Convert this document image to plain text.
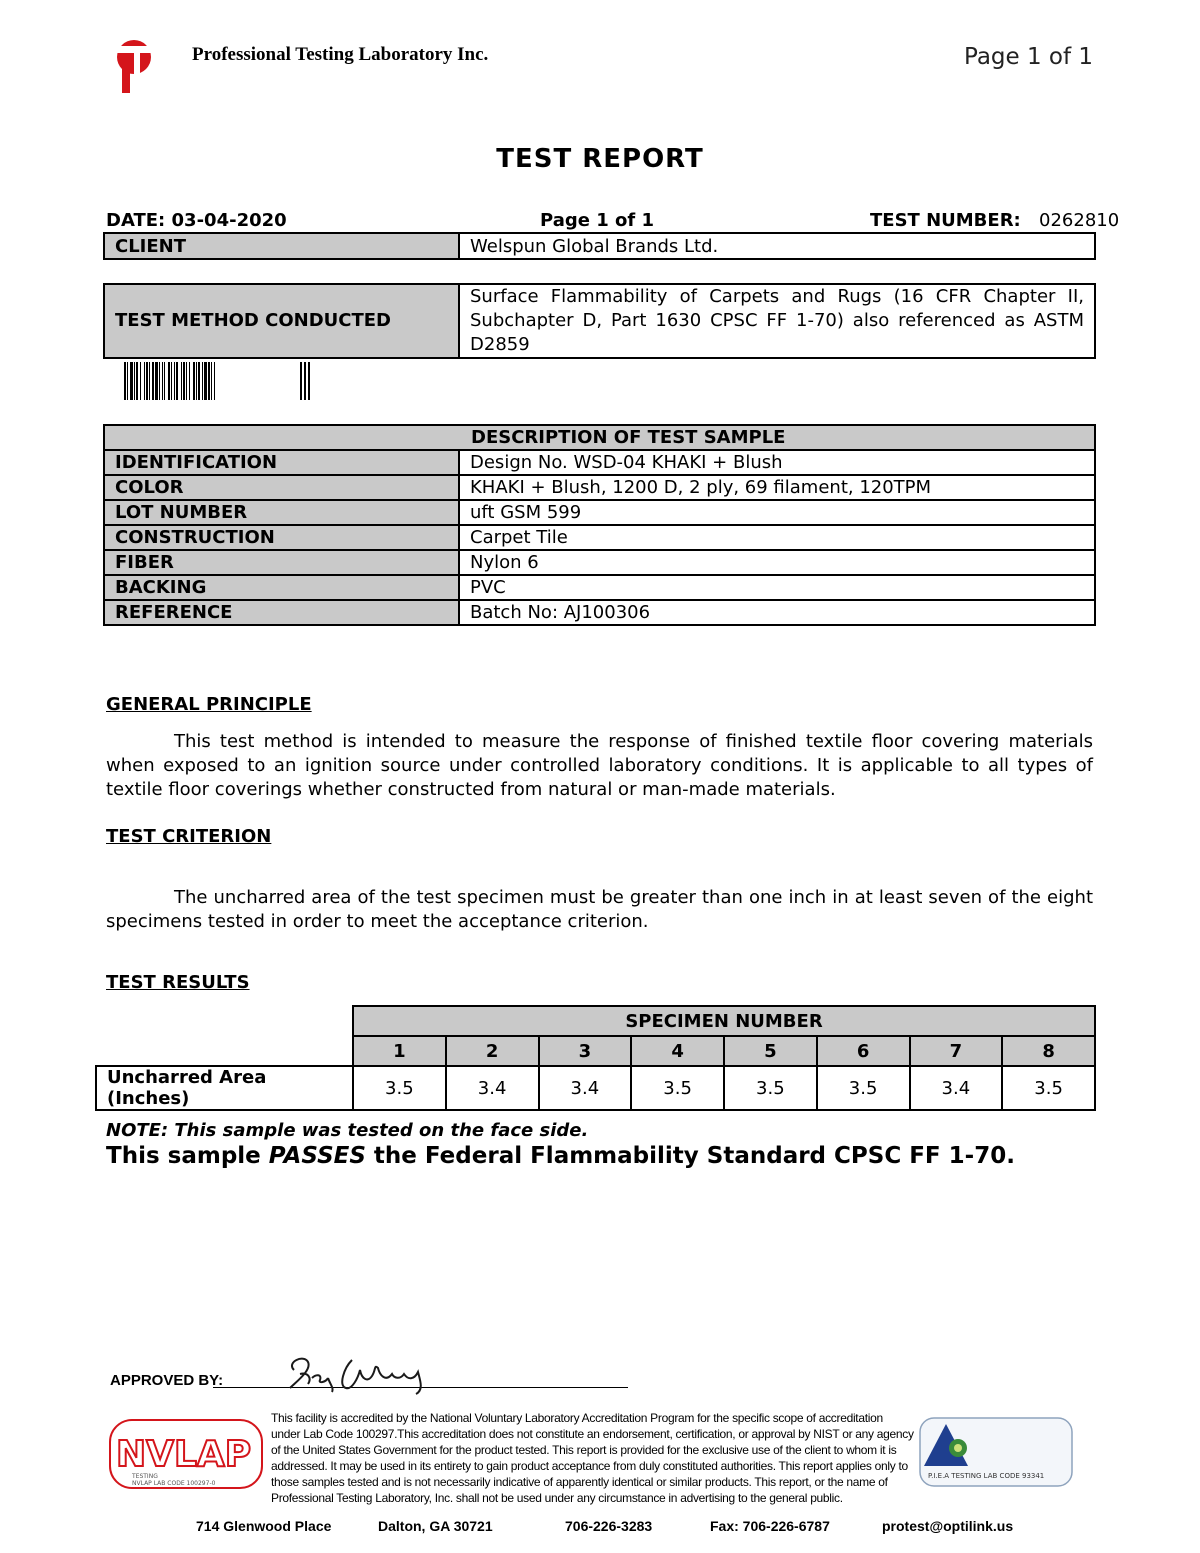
Professional Testing Laboratory Inc.	Page 1 of 1
TEST REPORT
DATE: 03-04-2020	Page 1 of 1	TEST NUMBER: 0262810
CLIENT	Welspun Global Brands Ltd.
TEST METHOD CONDUCTED	Surface Flammability of Carpets and Rugs (16 CFR Chapter II, Subchapter D, Part 1630 CPSC FF 1-70) also referenced as ASTM D2859
DESCRIPTION OF TEST SAMPLE	
IDENTIFICATION	Design No. WSD-04 KHAKI + Blush
COLOR	KHAKI + Blush, 1200 D, 2 ply, 69 filament, 120TPM
LOT NUMBER	uft GSM 599
CONSTRUCTION	Carpet Tile
FIBER	Nylon 6
BACKING	PVC
REFERENCE	Batch No: AJ100306
GENERAL PRINCIPLE
This test method is intended to measure the response of finished textile floor covering materials when exposed to an ignition source under controlled laboratory conditions. It is applicable to all types of textile floor coverings whether constructed from natural or man-made materials.
TEST CRITERION
The uncharred area of the test specimen must be greater than one inch in at least seven of the eight specimens tested in order to meet the acceptance criterion.
TEST RESULTS
	SPECIMEN NUMBER							
	1	2	3	4	5	6	7	8
Uncharred Area (Inches)	3.5	3.4	3.4	3.5	3.5	3.5	3.4	3.5
NOTE: This sample was tested on the face side.
This sample PASSES the Federal Flammability Standard CPSC FF 1-70.
APPROVED BY:
NVLAP
TESTING
NVLAP LAB CODE 100297-0
This facility is accredited by the National Voluntary Laboratory Accreditation Program for the specific scope of accreditation under Lab Code 100297.This accreditation does not constitute an endorsement, certification, or approval by NIST or any agency of the United States Government for the product tested. This report is provided for the exclusive use of the client to whom it is addressed. It may be used in its entirety to gain product acceptance from duly constituted authorities. This report applies only to those samples tested and is not necessarily indicative of apparently identical or similar products. This report, or the name of Professional Testing Laboratory, Inc. shall not be used under any circumstance in advertising to the general public.
P.I.E.A TESTING LAB CODE 93341
714 Glenwood Place	Dalton, GA 30721	706-226-3283	Fax: 706-226-6787	protest@optilink.us
